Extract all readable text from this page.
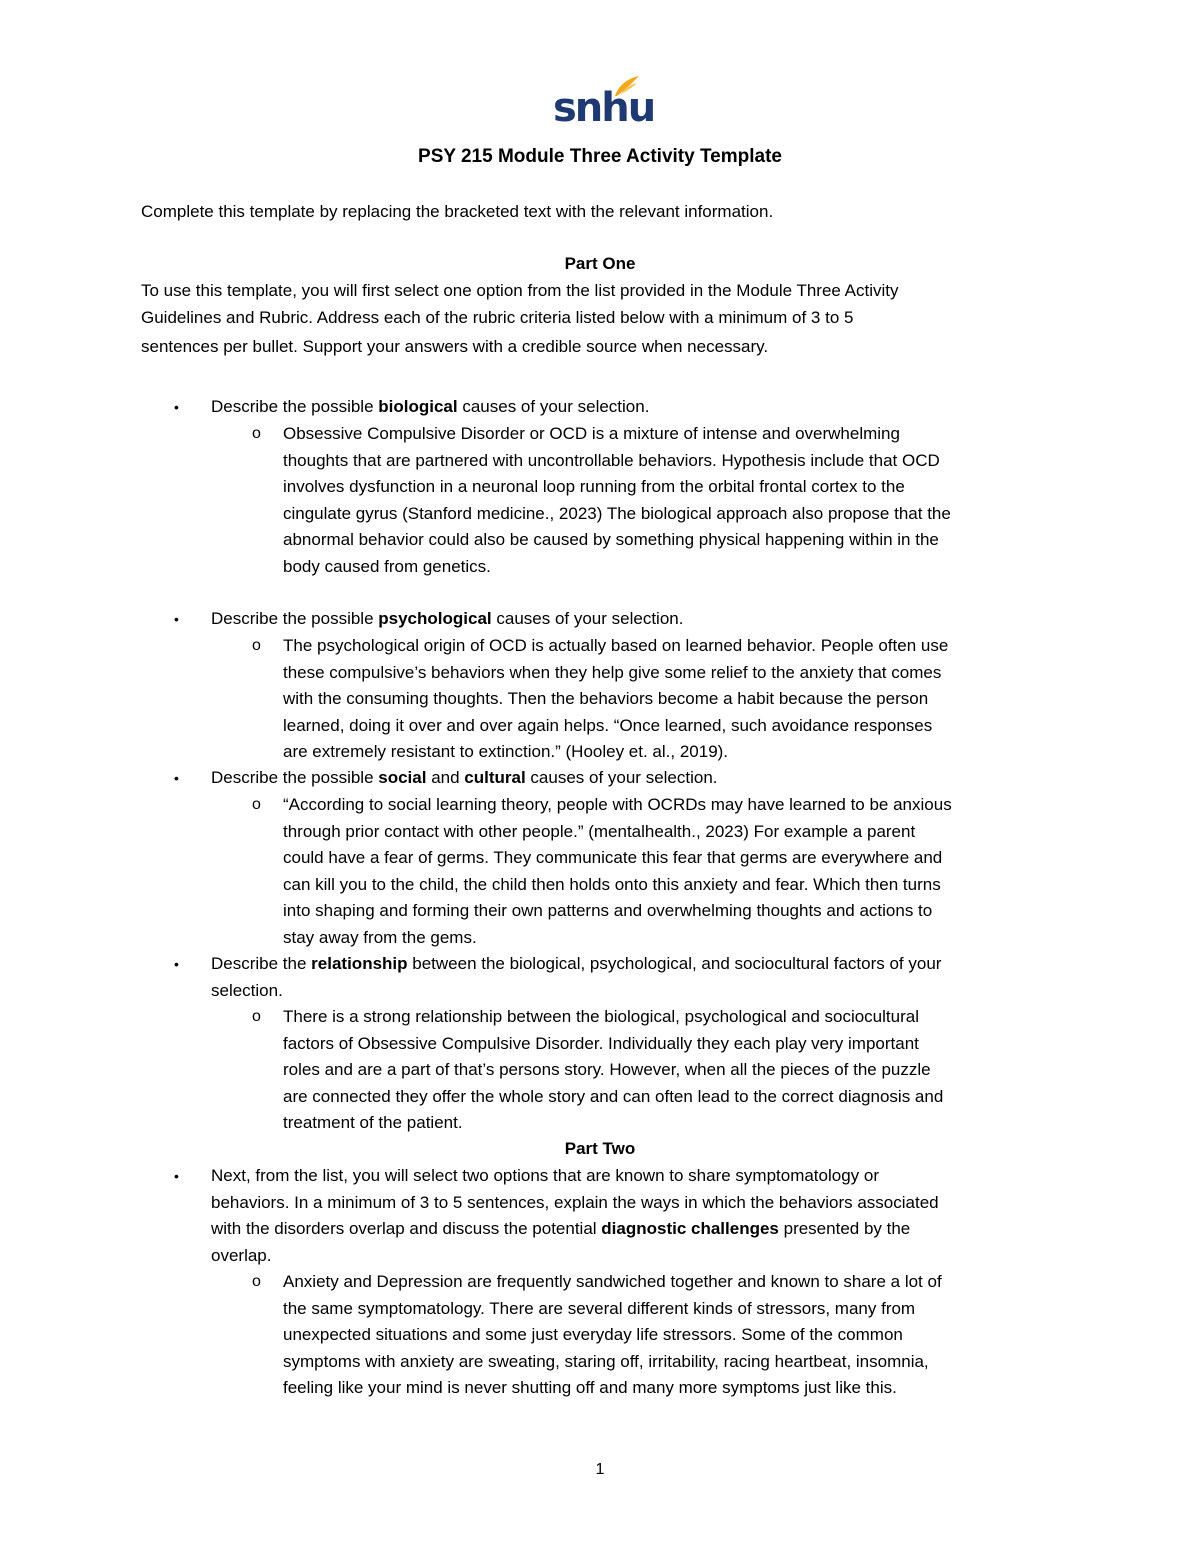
snhu
PSY 215 Module Three Activity Template
Complete this template by replacing the bracketed text with the relevant information.
Part One
To use this template, you will first select one option from the list provided in the Module Three Activity
Guidelines and Rubric. Address each of the rubric criteria listed below with a minimum of 3 to 5
sentences per bullet. Support your answers with a credible source when necessary.
•	Describe the possible biological causes of your selection.
o Obsessive Compulsive Disorder or OCD is a mixture of intense and overwhelming
thoughts that are partnered with uncontrollable behaviors. Hypothesis include that OCD
involves dysfunction in a neuronal loop running from the orbital frontal cortex to the
cingulate gyrus (Stanford medicine., 2023) The biological approach also propose that the
abnormal behavior could also be caused by something physical happening within in the
body caused from genetics.
•	Describe the possible psychological causes of your selection.
o The psychological origin of OCD is actually based on learned behavior. People often use
these compulsive’s behaviors when they help give some relief to the anxiety that comes
with the consuming thoughts. Then the behaviors become a habit because the person
learned, doing it over and over again helps. “Once learned, such avoidance responses
are extremely resistant to extinction.” (Hooley et. al., 2019).
•	Describe the possible social and cultural causes of your selection.
o “According to social learning theory, people with OCRDs may have learned to be anxious
through prior contact with other people.” (mentalhealth., 2023) For example a parent
could have a fear of germs. They communicate this fear that germs are everywhere and
can kill you to the child, the child then holds onto this anxiety and fear. Which then turns
into shaping and forming their own patterns and overwhelming thoughts and actions to
stay away from the gems.
•	Describe the relationship between the biological, psychological, and sociocultural factors of your
selection.
o There is a strong relationship between the biological, psychological and sociocultural
factors of Obsessive Compulsive Disorder. Individually they each play very important
roles and are a part of that’s persons story. However, when all the pieces of the puzzle
are connected they offer the whole story and can often lead to the correct diagnosis and
treatment of the patient.
Part Two
•	Next, from the list, you will select two options that are known to share symptomatology or
behaviors. In a minimum of 3 to 5 sentences, explain the ways in which the behaviors associated
with the disorders overlap and discuss the potential diagnostic challenges presented by the
overlap.
o Anxiety and Depression are frequently sandwiched together and known to share a lot of
the same symptomatology. There are several different kinds of stressors, many from
unexpected situations and some just everyday life stressors. Some of the common
symptoms with anxiety are sweating, staring off, irritability, racing heartbeat, insomnia,
feeling like your mind is never shutting off and many more symptoms just like this.
1
